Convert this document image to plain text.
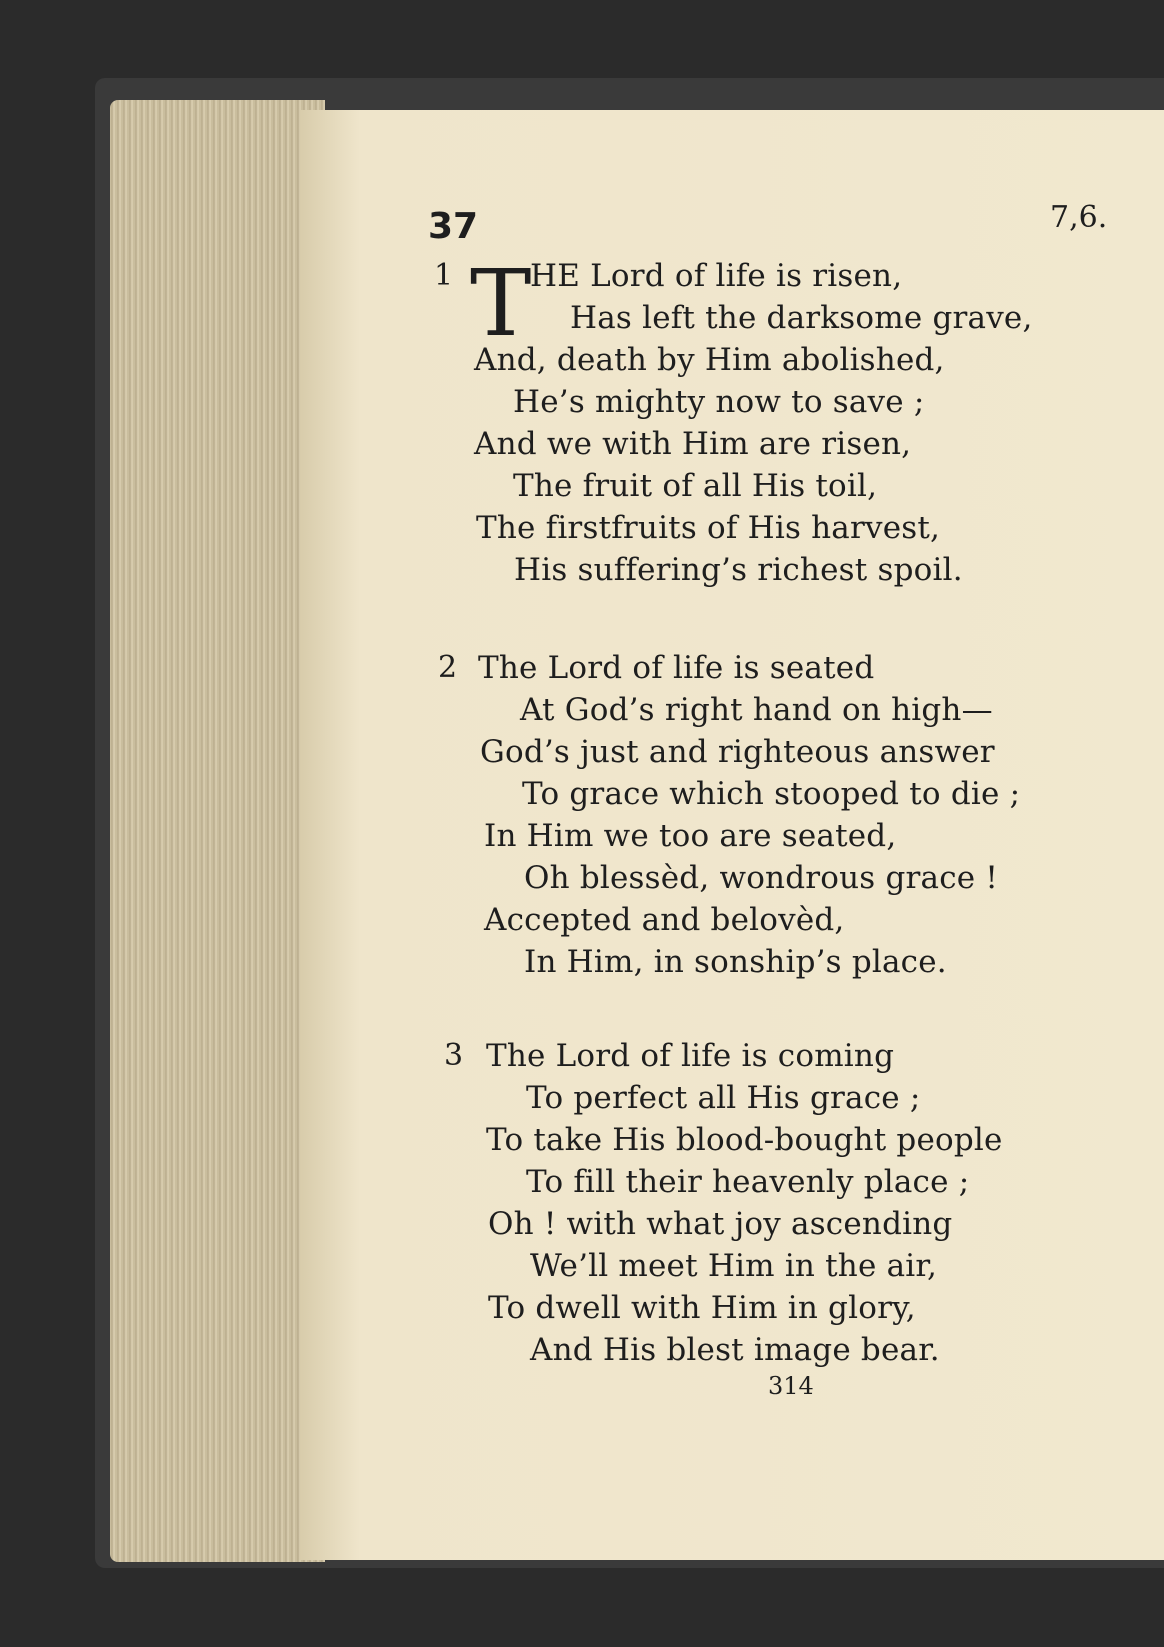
37	7,6.
1 T
HE Lord of life is risen,
Has left the darksome grave,
And, death by Him abolished,
He’s mighty now to save ;
And we with Him are risen,
The fruit of all His toil,
The firstfruits of His harvest,
His suffering’s richest spoil.
2 The Lord of life is seated
At God’s right hand on high—
God’s just and righteous answer
To grace which stooped to die ;
In Him we too are seated,
Oh blessèd, wondrous grace !
Accepted and belovèd,
In Him, in sonship’s place.
3 The Lord of life is coming
To perfect all His grace ;
To take His blood-bought people
To fill their heavenly place ;
Oh ! with what joy ascending
We’ll meet Him in the air,
To dwell with Him in glory,
And His blest image bear.
314
